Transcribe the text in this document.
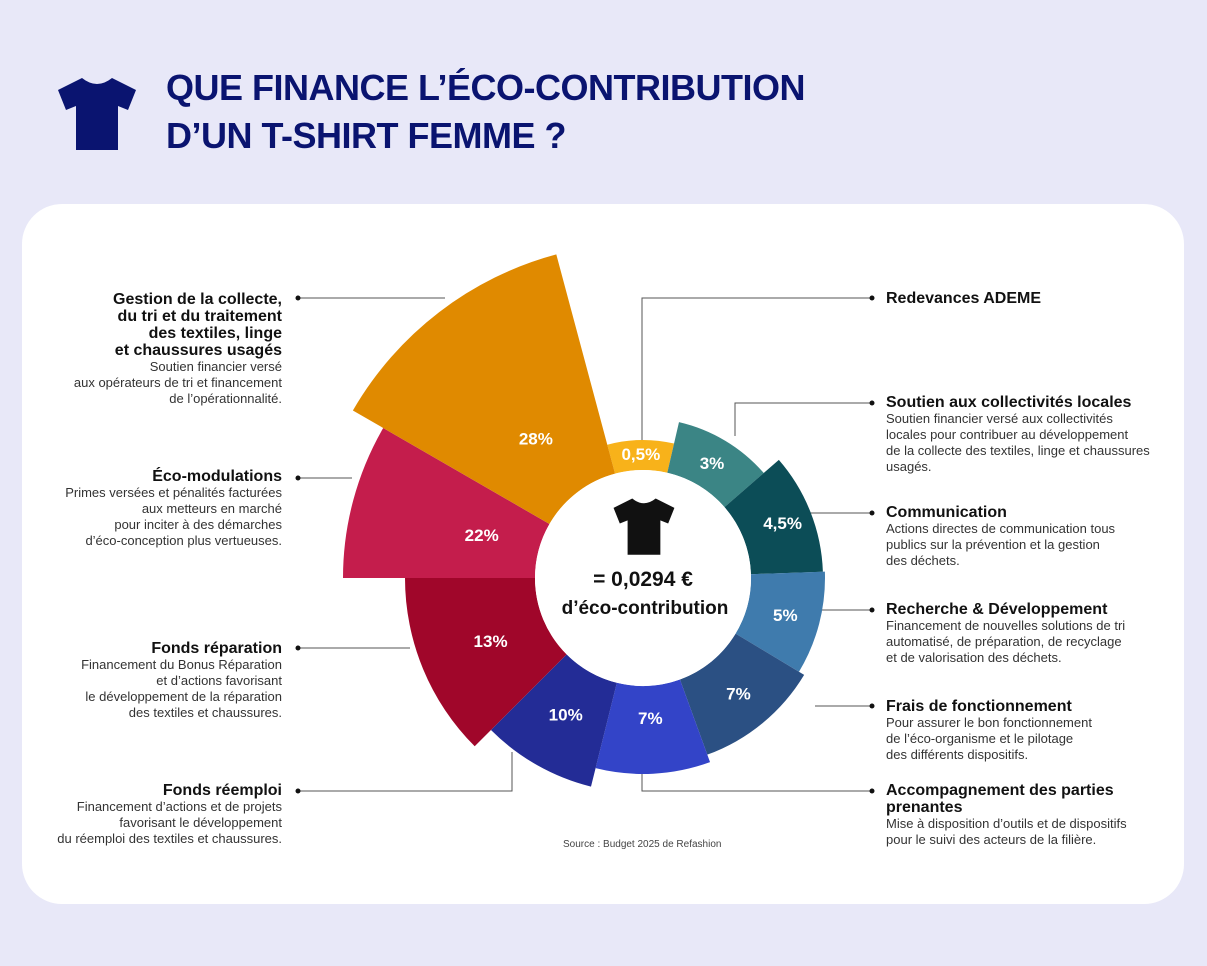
QUE FINANCE L’ÉCO-CONTRIBUTION
D’UN T-SHIRT FEMME ?
0,5% 3%
4,5%
5%
7%
7%
10%
13%
22%
28%
= 0,0294 €
d’éco-contribution
Gestion de la collecte,
du tri et du traitement
des textiles, linge
et chaussures usagés
Soutien financier versé
aux opérateurs de tri et financement
de l’opérationnalité.
Éco-modulations
Primes versées et pénalités facturées
aux metteurs en marché
pour inciter à des démarches
d’éco-conception plus vertueuses.
Fonds réparation
Financement du Bonus Réparation
et d’actions favorisant
le développement de la réparation
des textiles et chaussures.
Fonds réemploi
Financement d’actions et de projets
favorisant le développement
du réemploi des textiles et chaussures.
Redevances ADEME
Soutien aux collectivités locales
Soutien financier versé aux collectivités
locales pour contribuer au développement
de la collecte des textiles, linge et chaussures
usagés.
Communication
Actions directes de communication tous
publics sur la prévention et la gestion
des déchets.
Recherche & Développement
Financement de nouvelles solutions de tri
automatisé, de préparation, de recyclage
et de valorisation des déchets.
Frais de fonctionnement
Pour assurer le bon fonctionnement
de l’éco-organisme et le pilotage
des différents dispositifs.
Accompagnement des parties
prenantes
Mise à disposition d’outils et de dispositifs
pour le suivi des acteurs de la filière.
Source : Budget 2025 de Refashion
